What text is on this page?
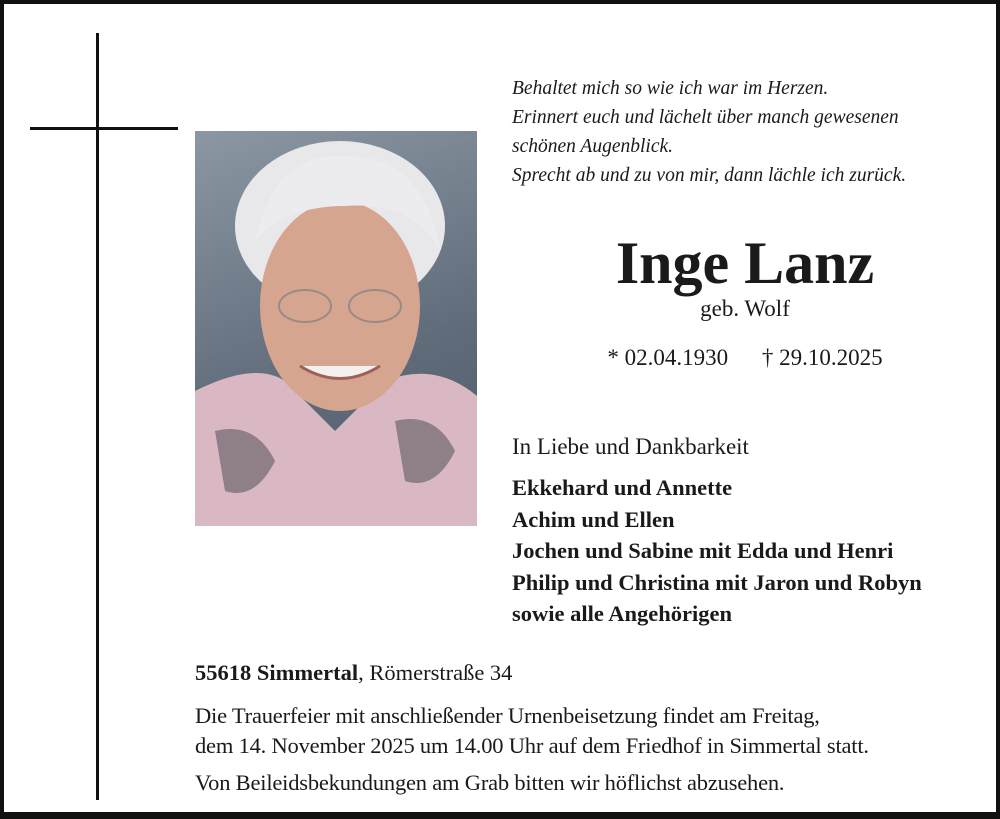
Behaltet mich so wie ich war im Herzen.
Erinnert euch und lächelt über manch gewesenen
schönen Augenblick.
Sprecht ab und zu von mir, dann lächle ich zurück.
Inge Lanz
geb. Wolf
* 02.04.1930 † 29.10.2025
In Liebe und Dankbarkeit
Ekkehard und Annette
Achim und Ellen
Jochen und Sabine mit Edda und Henri
Philip und Christina mit Jaron und Robyn
sowie alle Angehörigen
55618 Simmertal, Römerstraße 34
Die Trauerfeier mit anschließender Urnenbeisetzung findet am Freitag,
dem 14. November 2025 um 14.00 Uhr auf dem Friedhof in Simmertal statt.
Von Beileidsbekundungen am Grab bitten wir höflichst abzusehen.
